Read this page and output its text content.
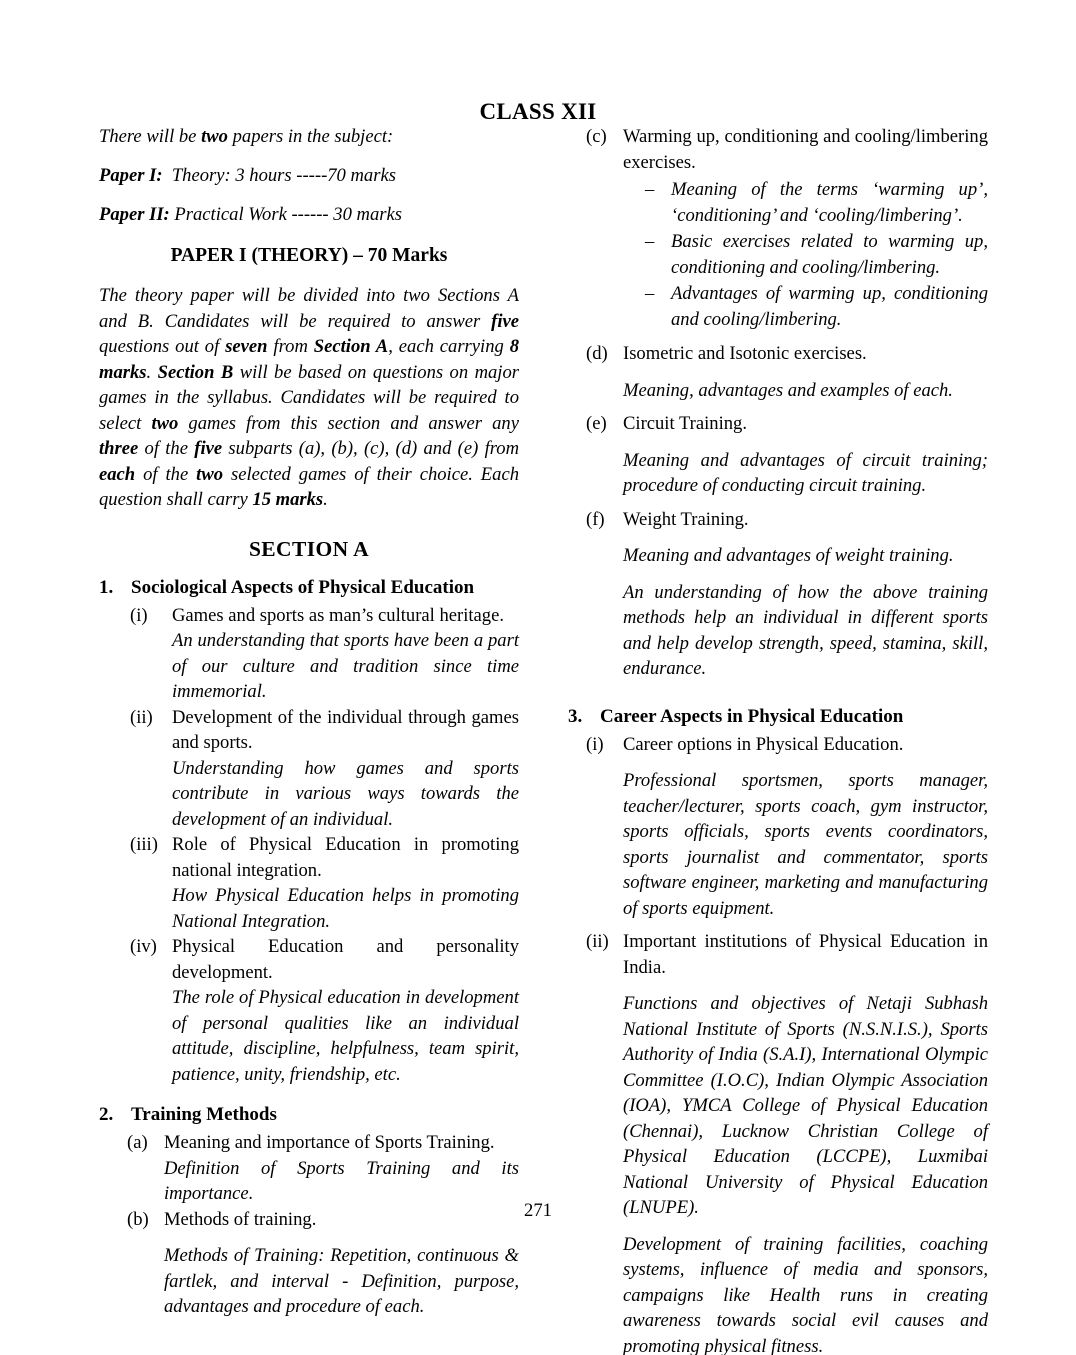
CLASS XII
There will be two papers in the subject:
Paper I:  Theory: 3 hours -----70 marks
Paper II: Practical Work ------ 30 marks
PAPER I (THEORY) – 70 Marks
The theory paper will be divided into two Sections A and B. Candidates will be required to answer five questions out of seven from Section A, each carrying 8 marks. Section B will be based on questions on major games in the syllabus. Candidates will be required to select two games from this section and answer any three of the five subparts (a), (b), (c), (d) and (e) from each of the two selected games of their choice. Each question shall carry 15 marks.
SECTION A
1. Sociological Aspects of Physical Education
(i)	Games and sports as man’s cultural heritage.
An understanding that sports have been a part of our culture and tradition since time immemorial.
(ii)	Development of the individual through games and sports.
Understanding how games and sports contribute in various ways towards the development of an individual.
(iii) Role of Physical Education in promoting national integration.
How Physical Education helps in promoting National Integration.
(iv) Physical Education and personality development.
The role of Physical education in development of personal qualities like an individual attitude, discipline, helpfulness, team spirit, patience, unity, friendship, etc.
2. Training Methods
(a) Meaning and importance of Sports Training.
Definition of Sports Training and its importance.
(b) Methods of training.
Methods of Training: Repetition, continuous & fartlek, and interval - Definition, purpose, advantages and procedure of each.
(c) Warming up, conditioning and cooling/limbering exercises.
– Meaning of the terms ‘warming up’, ‘conditioning’ and ‘cooling/limbering’.
– Basic exercises related to warming up, conditioning and cooling/limbering.
– Advantages of warming up, conditioning and cooling/limbering.
(d) Isometric and Isotonic exercises.
Meaning, advantages and examples of each.
(e) Circuit Training.
Meaning and advantages of circuit training; procedure of conducting circuit training.
(f) Weight Training.
Meaning and advantages of weight training.
An understanding of how the above training methods help an individual in different sports and help develop strength, speed, stamina, skill, endurance.
3. Career Aspects in Physical Education
(i)	Career options in Physical Education.
Professional sportsmen, sports manager, teacher/lecturer, sports coach, gym instructor, sports officials, sports events coordinators, sports journalist and commentator, sports software engineer, marketing and manufacturing of sports equipment.
(ii) Important institutions of Physical Education in India.
Functions and objectives of Netaji Subhash National Institute of Sports (N.S.N.I.S.), Sports Authority of India (S.A.I), International Olympic Committee (I.O.C), Indian Olympic Association (IOA), YMCA College of Physical Education (Chennai), Lucknow Christian College of Physical Education (LCCPE), Luxmibai National University of Physical Education (LNUPE).
Development of training facilities, coaching systems, influence of media and sponsors, campaigns like Health runs in creating awareness towards social evil causes and promoting physical fitness.
271
